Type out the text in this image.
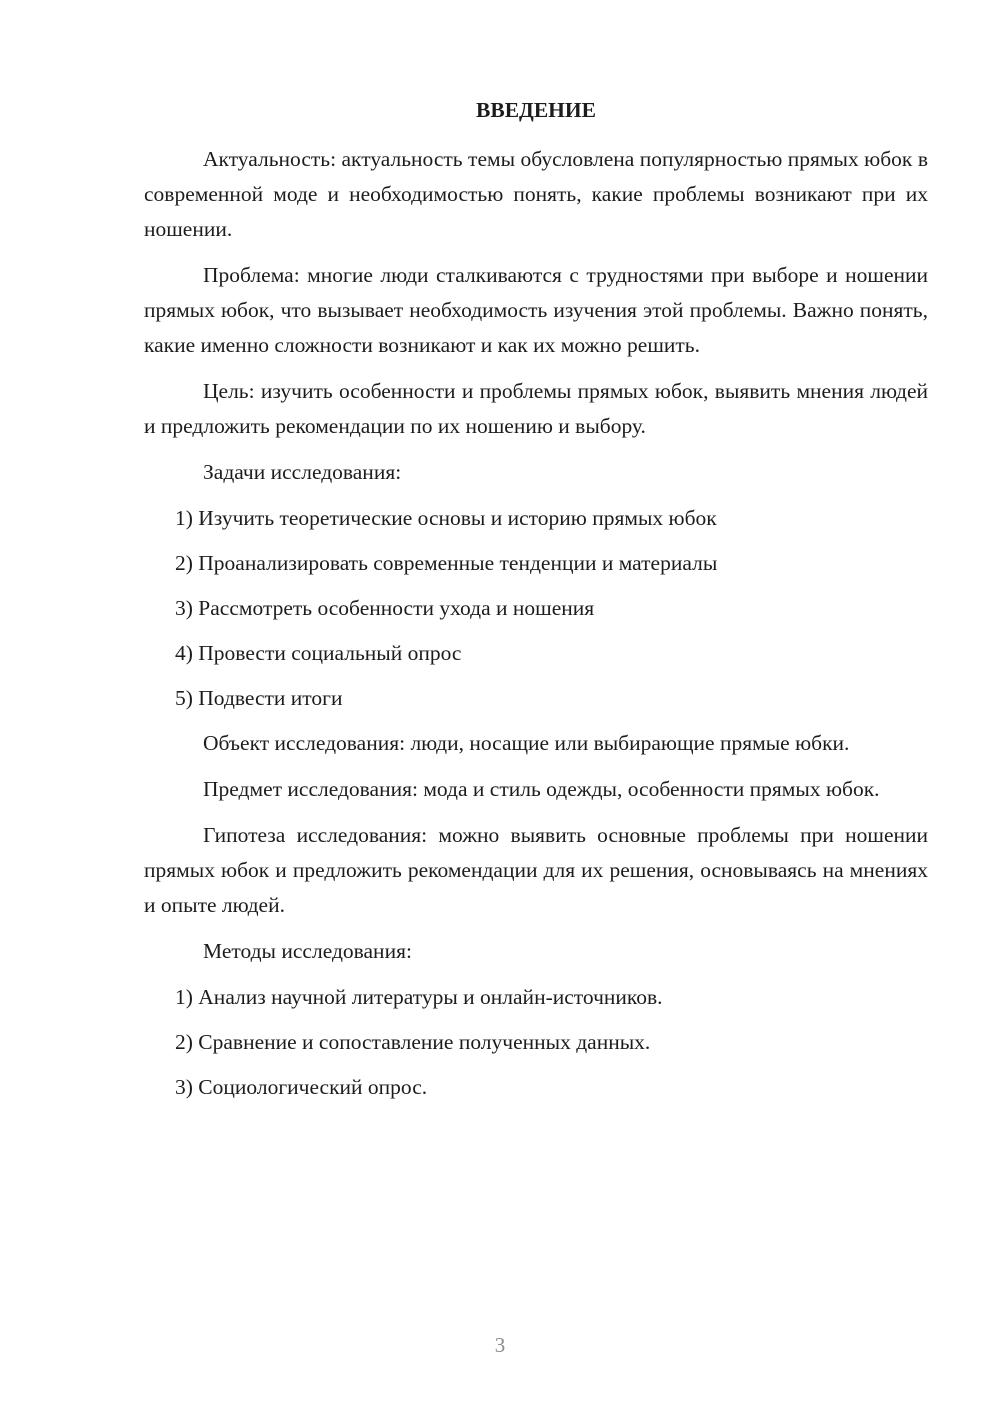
ВВЕДЕНИЕ

Актуальность: актуальность темы обусловлена популярностью прямых юбок в современной моде и необходимостью понять, какие проблемы возникают при их ношении.

Проблема: многие люди сталкиваются с трудностями при выборе и ношении прямых юбок, что вызывает необходимость изучения этой проблемы. Важно понять, какие именно сложности возникают и как их можно решить.

Цель: изучить особенности и проблемы прямых юбок, выявить мнения людей и предложить рекомендации по их ношению и выбору.

Задачи исследования:

1) Изучить теоретические основы и историю прямых юбок

2) Проанализировать современные тенденции и материалы

3) Рассмотреть особенности ухода и ношения

4) Провести социальный опрос

5) Подвести итоги

Объект исследования: люди, носащие или выбирающие прямые юбки.

Предмет исследования: мода и стиль одежды, особенности прямых юбок.

Гипотеза исследования: можно выявить основные проблемы при ношении прямых юбок и предложить рекомендации для их решения, основываясь на мнениях и опыте людей.

Методы исследования:

1) Анализ научной литературы и онлайн-источников.

2) Сравнение и сопоставление полученных данных.

3) Социологический опрос.

3
